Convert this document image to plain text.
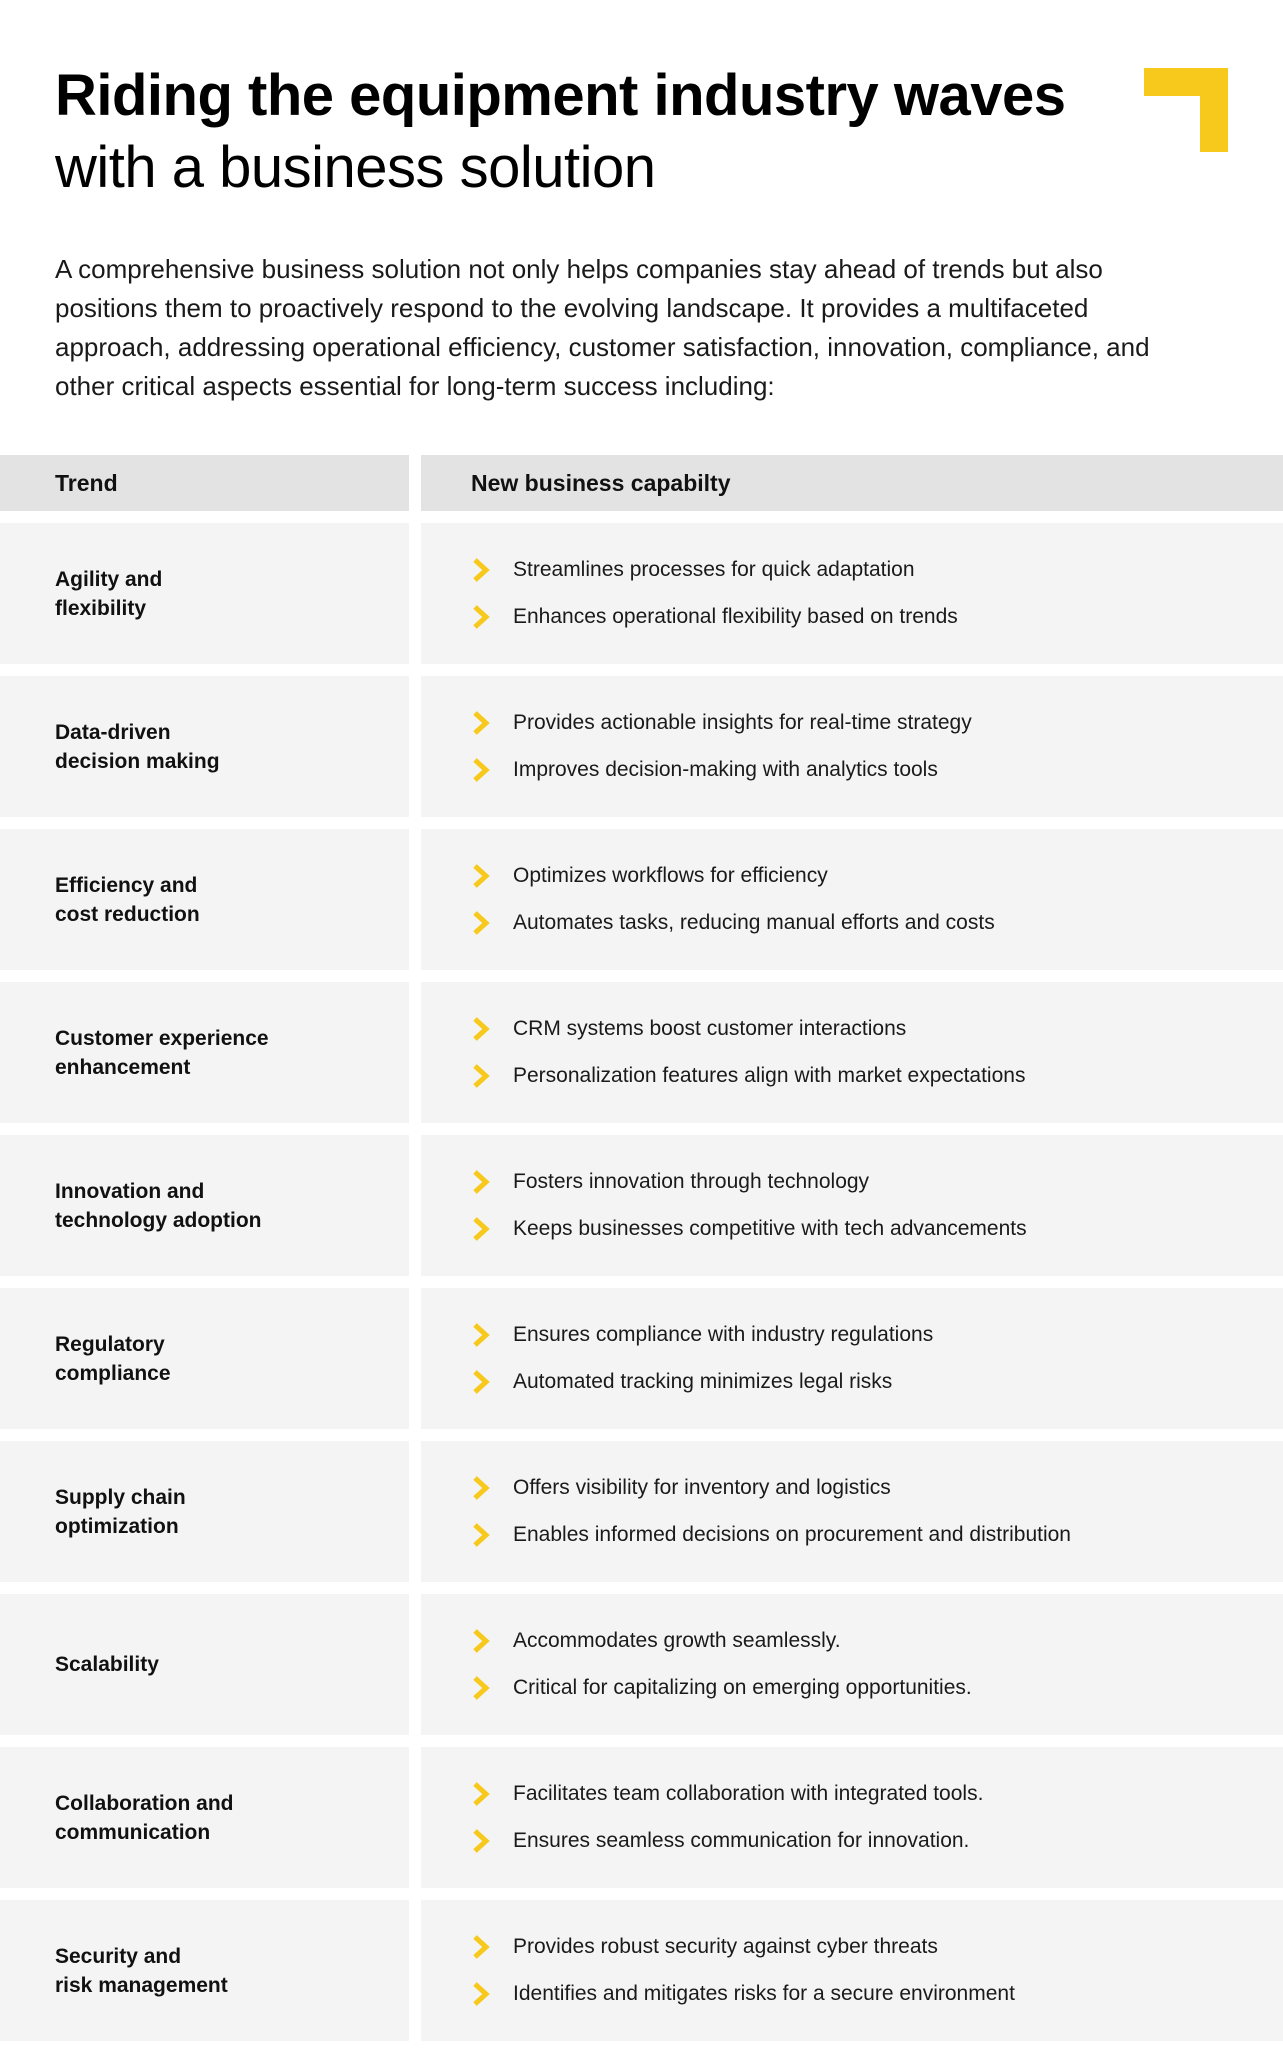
Riding the equipment industry waves with a business solution

A comprehensive business solution not only helps companies stay ahead of trends but also positions them to proactively respond to the evolving landscape. It provides a multifaceted approach, addressing operational efficiency, customer satisfaction, innovation, compliance, and other critical aspects essential for long-term success including:

Trend	New business capabilty
Agility and
flexibility
Streamlines processes for quick adaptation
Enhances operational flexibility based on trends
Data-driven
decision making
Provides actionable insights for real-time strategy
Improves decision-making with analytics tools
Efficiency and
cost reduction
Optimizes workflows for efficiency
Automates tasks, reducing manual efforts and costs
Customer experience
enhancement
CRM systems boost customer interactions
Personalization features align with market expectations
Innovation and
technology adoption
Fosters innovation through technology
Keeps businesses competitive with tech advancements
Regulatory
compliance
Ensures compliance with industry regulations
Automated tracking minimizes legal risks
Supply chain
optimization
Offers visibility for inventory and logistics
Enables informed decisions on procurement and distribution
Scalability
Accommodates growth seamlessly.
Critical for capitalizing on emerging opportunities.
Collaboration and
communication
Facilitates team collaboration with integrated tools.
Ensures seamless communication for innovation.
Security and
risk management
Provides robust security against cyber threats
Identifies and mitigates risks for a secure environment
